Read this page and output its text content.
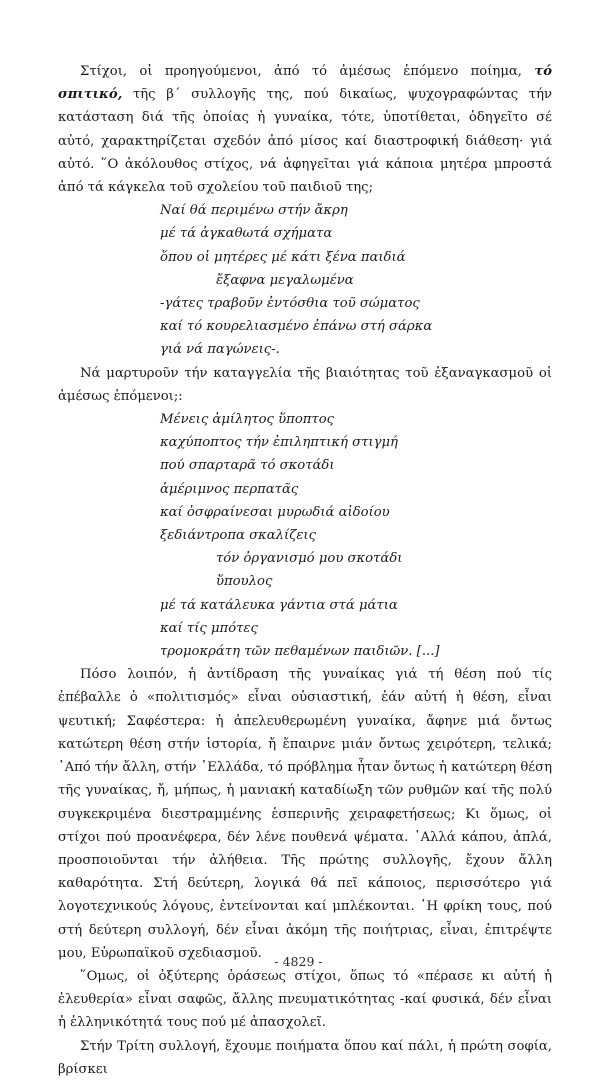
Στίχοι, οἱ προηγούμενοι, ἀπό τό ἀμέσως ἑπόμενο ποίημα, τό σπιτικό, τῆς β΄ συλλογῆς της, πού δικαίως, ψυχογραφώντας τήν κατάσταση διά τῆς ὁποίας ἡ γυναίκα, τότε, ὑποτίθεται, ὁδηγεῖτο σέ αὐτό, χαρακτηρίζεται σχεδόν ἀπό μίσος καί διαστροφική διάθεση· γιά αὐτό. ῞Ο ἀκόλουθος στίχος, νά ἀφηγεῖται γιά κάποια μητέρα μπροστά ἀπό τά κάγκελα τοῦ σχολείου τοῦ παιδιοῦ της;

Ναί θά περιμένω στήν ἄκρη
μέ τά ἀγκαθωτά σχήματα
ὅπου οἱ μητέρες μέ κάτι ξένα παιδιά
ἔξαφνα μεγαλωμένα
-γάτες τραβοῦν ἐντόσθια τοῦ σώματος
καί τό κουρελιασμένο ἐπάνω στή σάρκα
γιά νά παγώνεις-.

Νά μαρτυροῦν τήν καταγγελία τῆς βιαιότητας τοῦ ἐξαναγκασμοῦ οἱ ἀμέσως ἑπόμενοι;:

Μένεις ἀμίλητος ὕποπτος
καχύποπτος τήν ἐπιληπτική στιγμή
πού σπαρταρᾶ τό σκοτάδι
ἀμέριμνος περπατᾶς
καί ὀσφραίνεσαι μυρωδιά αἰδοίου
ξεδιάντροπα σκαλίζεις
τόν ὀργανισμό μου σκοτάδι
ὕπουλος
μέ τά κατάλευκα γάντια στά μάτια
καί τίς μπότες
τρομοκράτη τῶν πεθαμένων παιδιῶν. [...]

Πόσο λοιπόν, ἡ ἀντίδραση τῆς γυναίκας γιά τή θέση πού τίς ἐπέβαλλε ὁ «πολιτισμός» εἶναι οὐσιαστική, ἐάν αὐτή ἡ θέση, εἶναι ψευτική; Σαφέστερα: ἡ ἀπελευθερωμένη γυναίκα, ἄφηνε μιά ὄντως κατώτερη θέση στήν ἱστορία, ἤ ἔπαιρνε μιάν ὄντως χειρότερη, τελικά; ᾽Από τήν ἄλλη, στήν ῾Ελλάδα, τό πρόβλημα ἦταν ὄντως ἡ κατώτερη θέση τῆς γυναίκας, ἤ, μήπως, ἡ μανιακή καταδίωξη τῶν ρυθμῶν καί τῆς πολύ συγκεκριμένα διεστραμμένης ἑσπερινῆς χειραφετήσεως; Κι ὅμως, οἱ στίχοι πού προανέφερα, δέν λένε πουθενά ψέματα. ᾽Αλλά κάπου, ἁπλά, προσποιοῦνται τήν ἀλήθεια. Τῆς πρώτης συλλογῆς, ἔχουν ἄλλη καθαρότητα. Στή δεύτερη, λογικά θά πεῖ κάποιος, περισσότερο γιά λογοτεχνικούς λόγους, ἐντείνονται καί μπλέκονται. ῾Η φρίκη τους, πού στή δεύτερη συλλογή, δέν εἶναι ἀκόμη τῆς ποιήτριας, εἶναι, ἐπιτρέψτε μου, Εὐρωπαϊκοῦ σχεδιασμοῦ.

῞Ομως, οἱ ὀξύτερης ὁράσεως στίχοι, ὅπως τό «πέρασε κι αὐτή ἡ ἐλευθερία» εἶναι σαφῶς, ἄλλης πνευματικότητας -καί φυσικά, δέν εἶναι ἡ ἑλληνικότητά τους πού μέ ἀπασχολεῖ.

Στήν Τρίτη συλλογή, ἔχουμε ποιήματα ὅπου καί πάλι, ἡ πρώτη σοφία, βρίσκει

- 4829 -
